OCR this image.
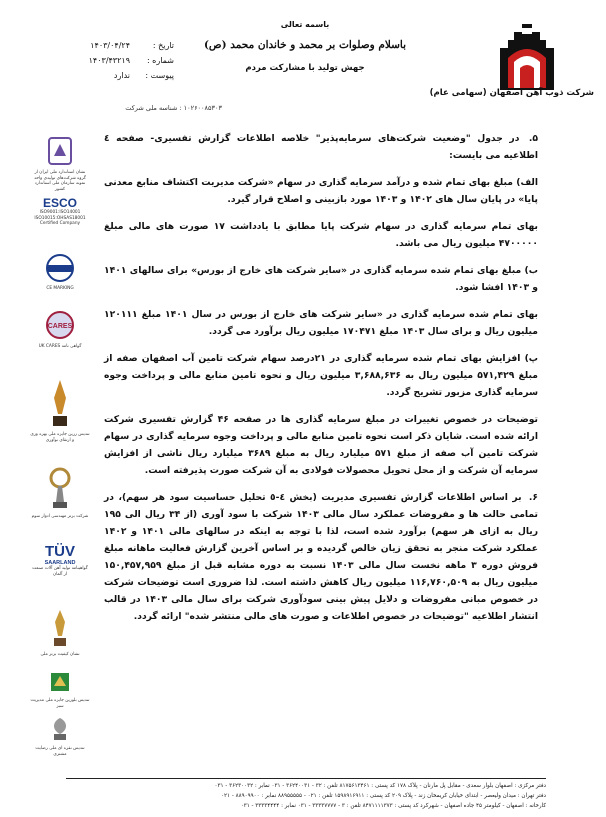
شرکت ذوب آهن اصفهان (سهامی عام)
باسمه تعالی
باسلام وصلوات بر محمد و خاندان محمد (ص)
جهش تولید با مشارکت مردم
تاریخ :
۱۴۰۳/۰۴/۲۴
شماره :
۱۴۰۳/۴۳۲۱۹
پیوست :
ندارد
۱۰۲۶۰۰۸۵۳۰۳ : شناسه ملی شرکت
نشان استاندارد ملی ایران از گروه شرکت‌های تولیدی واحد نمونه سازمان ملی استاندارد کشور
ESCO
ISO9001:ISO14001 ISO10015:OHSAS18001 Certified Company
CE MARKING
CARES
گواهی نامه UK CARES
تندیس زرین جایزه ملی بهره وری و ارتقای نوآوری
شرکت برتر مهندسی ادوار سوم
TÜV
SAARLAND
گواهینامه تولید آهن آلات صنعت از آلمان
نشان کیفیت برتر ملی
تندیس بلورین جایزه ملی مدیریت سبز
تندیس نقره ای ملی رضایت مشتری
۵. در جدول "وضعیت شرکت‌های سرمایه‌پذیر" خلاصه اطلاعات گزارش تفسیری- صفحه ٤ اطلاعیه می بایست:
الف) مبلغ بهای تمام شده و درآمد سرمایه گذاری در سهام «شرکت مدیریت اکتشاف منابع معدنی پایا» در پایان سال های ۱۴۰۲ و ۱۴۰۳ مورد بازبینی و اصلاح قرار گیرد.
بهای تمام سرمایه گذاری در سهام شرکت پایا مطابق با یادداشت ۱۷ صورت های مالی مبلغ ۴۷۰۰۰۰۰ میلیون ریال می باشد.
ب) مبلغ بهای تمام شده سرمایه گذاری در «سایر شرکت‌ های خارج از بورس» برای سالهای ۱۴۰۱ و ۱۴۰۳ افشا شود.
بهای تمام شده سرمایه گذاری در «سایر شرکت های خارج از بورس در سال ۱۴۰۱ مبلغ ۱۲۰۱۱۱ میلیون ریال و برای سال ۱۴۰۳ مبلغ ۱۷۰۴۷۱ میلیون ریال برآورد می گردد.
پ) افزایش بهای تمام شده سرمایه گذاری در ۲۱درصد سهام شرکت تامین آب اصفهان صفه از مبلغ ۵۷۱,۴۲۹ میلیون ریال به ۳,۶۸۸,۶۳۶ میلیون ریال و نحوه تامین منابع مالی و پرداخت وجوه سرمایه گذاری مزبور تشریح گردد.
توضیحات در خصوص تغییرات در مبلغ سرمایه گذاری ها در صفحه ۴۶ گزارش تفسیری شرکت ارائه شده است. شایان ذکر است نحوه تامین منابع مالی و پرداخت وجوه سرمایه گذاری در سهام شرکت تامین آب صفه از مبلغ ۵۷۱ میلیارد ریال به مبلغ ۳۶۸۹ میلیارد ریال ناشی از افزایش سرمایه آن شرکت و از محل تحویل محصولات فولادی به آن شرکت صورت پذیرفته است.
۶. بر اساس اطلاعات گزارش تفسیری مدیریت (بخش ٤-٥ تحلیل حساسیت سود هر سهم)، در تمامی حالت ها و مفروضات عملکرد سال مالی ۱۴۰۳ شرکت با سود آوری (از ۳۴ ریال الی ۱۹۵ ریال به ازای هر سهم) برآورد شده است، لذا با توجه به اینکه در سالهای مالی ۱۴۰۱ و ۱۴۰۲ عملکرد شرکت منجر به تحقق زیان خالص گردیده و بر اساس آخرین گزارش فعالیت ماهانه مبلغ فروش دوره ۳ ماهه نخست سال مالی ۱۴۰۳ نسبت به دوره مشابه قبل از مبلغ ۱۵۰,۴۵۷,۹۵۹ میلیون ریال به ۱۱۶,۷۶۰,۵۰۹ میلیون ریال کاهش داشته است. لذا ضروری است توضیحات شرکت در خصوص مبانی مفروضات و دلایل پیش بینی سودآوری شرکت برای سال مالی ۱۴۰۳ در قالب انتشار اطلاعیه "توضیحات در خصوص اطلاعات و صورت های مالی منتشر شده" ارائه گردد.
دفتر مرکزی : اصفهان بلوار سعدی - مقابل پل مارنان - پلاک ۱۷۸ کد پستی : ۸۱۷۵۶۱۳۴۶۱ تلفن : ۳۲ - ۳۶۲۴۰۰۳۱ - ۰۳۱ نمابر : ۳۶۲۳۰۰۳۲ - ۰۳۱
دفتر تهران : میدان ولیعصر - ابتدای خیابان کریمخان زند - پلاک ۲۰۹ کد پستی : ۱۵۹۸۹۱۶۹۱۱ تلفن : ۰۲۱ - ۸۸۹۵۵۵۵۵ نمابر : ۸۸۹۰۹۹۰۰ - ۰۲۱
کارخانه : اصفهان - کیلومتر ۴۵ جاده اصفهان - شهرکرد کد پستی : ۸۴۷۱۱۱۱۳۷۳ تلفن : ۳ - ۳۳۳۳۷۷۷۷ - ۰۳۱ نمابر : ۳۳۳۳۴۴۴۴ - ۰۳۱
